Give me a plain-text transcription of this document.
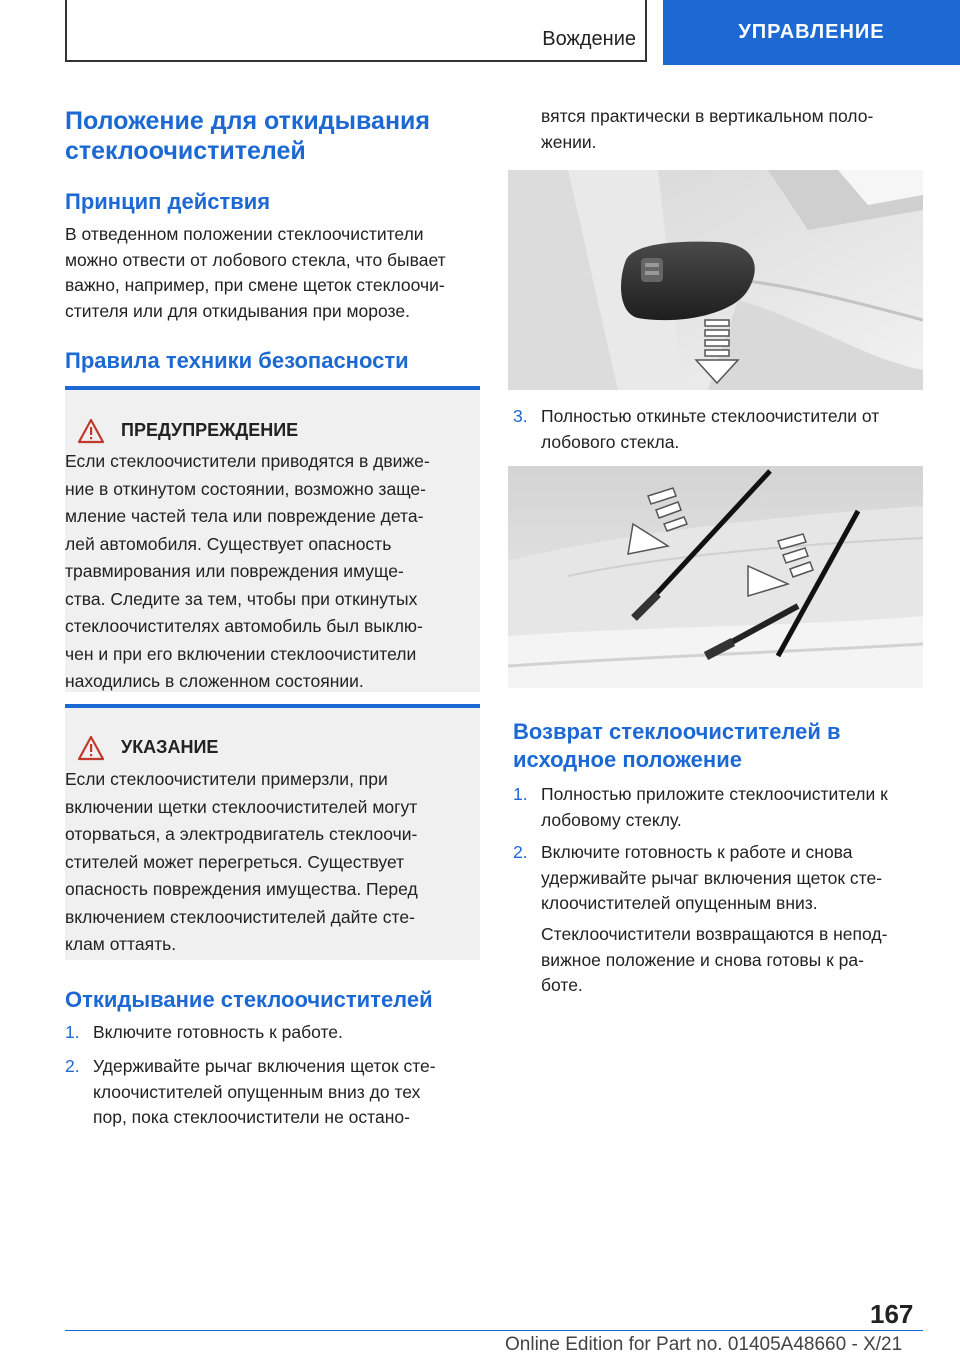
Вождение	УПРАВЛЕНИЕ
Положение для откидывания
стеклоочистителей
Принцип действия
В отведенном положении стеклоочистители
можно отвести от лобового стекла, что бывает
важно, например, при смене щеток стеклоочи-
стителя или для откидывания при морозе.
Правила техники безопасности
ПРЕДУПРЕЖДЕНИЕ
Если стеклоочистители приводятся в движе-
ние в откинутом состоянии, возможно заще-
мление частей тела или повреждение дета-
лей автомобиля. Существует опасность
травмирования или повреждения имуще-
ства. Следите за тем, чтобы при откинутых
стеклоочистителях автомобиль был выклю-
чен и при его включении стеклоочистители
находились в сложенном состоянии.
УКАЗАНИЕ
Если стеклоочистители примерзли, при
включении щетки стеклоочистителей могут
оторваться, а электродвигатель стеклоочи-
стителей может перегреться. Существует
опасность повреждения имущества. Перед
включением стеклоочистителей дайте сте-
клам оттаять.
Откидывание стеклоочистителей
1. Включите готовность к работе.
2. Удерживайте рычаг включения щеток сте-
клоочистителей опущенным вниз до тех
пор, пока стеклоочистители не остано-
вятся практически в вертикальном поло-
жении.
3. Полностью откиньте стеклоочистители от
лобового стекла.
Возврат стеклоочистителей в
исходное положение
1. Полностью приложите стеклоочистители к
лобовому стеклу.
2. Включите готовность к работе и снова
удерживайте рычаг включения щеток сте-
клоочистителей опущенным вниз.
Стеклоочистители возвращаются в непод-
вижное положение и снова готовы к ра-
боте.
167
Online Edition for Part no. 01405A48660 - X/21
